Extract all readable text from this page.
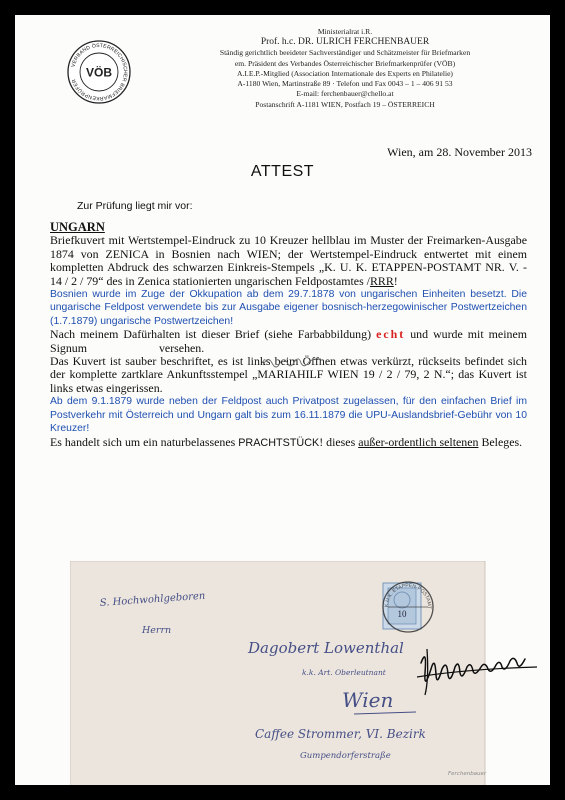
VERBAND ÖSTERREICHISCHER BRIEFMARKENPRÜFER
VÖB
Ministerialrat i.R.
Prof. h.c. DR. ULRICH FERCHENBAUER
Ständig gerichtlich beeideter Sachverständiger und Schätzmeister für Briefmarken
em. Präsident des Verbandes Österreichischer Briefmarkenprüfer (VÖB)
A.I.E.P.-Mitglied (Association Internationale des Experts en Philatelie)
A-1180 Wien, Martinstraße 89 · Telefon und Fax 0043 – 1 – 406 91 53
E-mail: ferchenbauer@chello.at
Postanschrift A-1181 WIEN, Postfach 19 – ÖSTERREICH
Wien, am 28. November 2013
ATTEST
Zur Prüfung liegt mir vor:

UNGARN

Briefkuvert mit Wertstempel-Eindruck zu 10 Kreuzer hellblau im Muster der Freimarken-Ausgabe 1874 von ZENICA in Bosnien nach WIEN; der Wertstempel-Eindruck entwertet mit einem kompletten Abdruck des schwarzen Einkreis-Stempels „K. U. K. ETAPPEN-POSTAMT NR. V. - 14 / 2 / 79“ des in Zenica stationierten ungarischen Feldpostamtes /RRR!

Bosnien wurde im Zuge der Okkupation ab dem 29.7.1878 von ungarischen Einheiten besetzt. Die ungarische Feldpost verwendete bis zur Ausgabe eigener bosnisch-herzegowinischer Postwertzeichen (1.7.1879) ungarische Postwertzeichen!

Nach meinem Dafürhalten ist dieser Brief (siehe Farbabbildung) echt und wurde mit meinem Signum	versehen.

Das Kuvert ist sauber beschriftet, es ist links beim Öffnen etwas verkürzt, rückseits befindet sich der komplette zartklare Ankunftsstempel „MARIAHILF WIEN 19 / 2 / 79, 2 N.“; das Kuvert ist links etwas eingerissen.

Ab dem 9.1.1879 wurde neben der Feldpost auch Privatpost zugelassen, für den einfachen Brief im Postverkehr mit Österreich und Ungarn galt bis zum 16.11.1879 die UPU-Auslandsbrief-Gebühr von 10 Kreuzer!

Es handelt sich um ein naturbelassenes PRACHTSTÜCK! dieses außer-ordentlich seltenen Beleges.

10
K.U.K. ETAPPEN-POSTAMT
S. Hochwohlgeboren
Herrn
Dagobert Lowenthal
k.k. Art. Oberleutnant
Wien
Caffee Strommer, VI. Bezirk
Gumpendorferstraße
Ferchenbauer
